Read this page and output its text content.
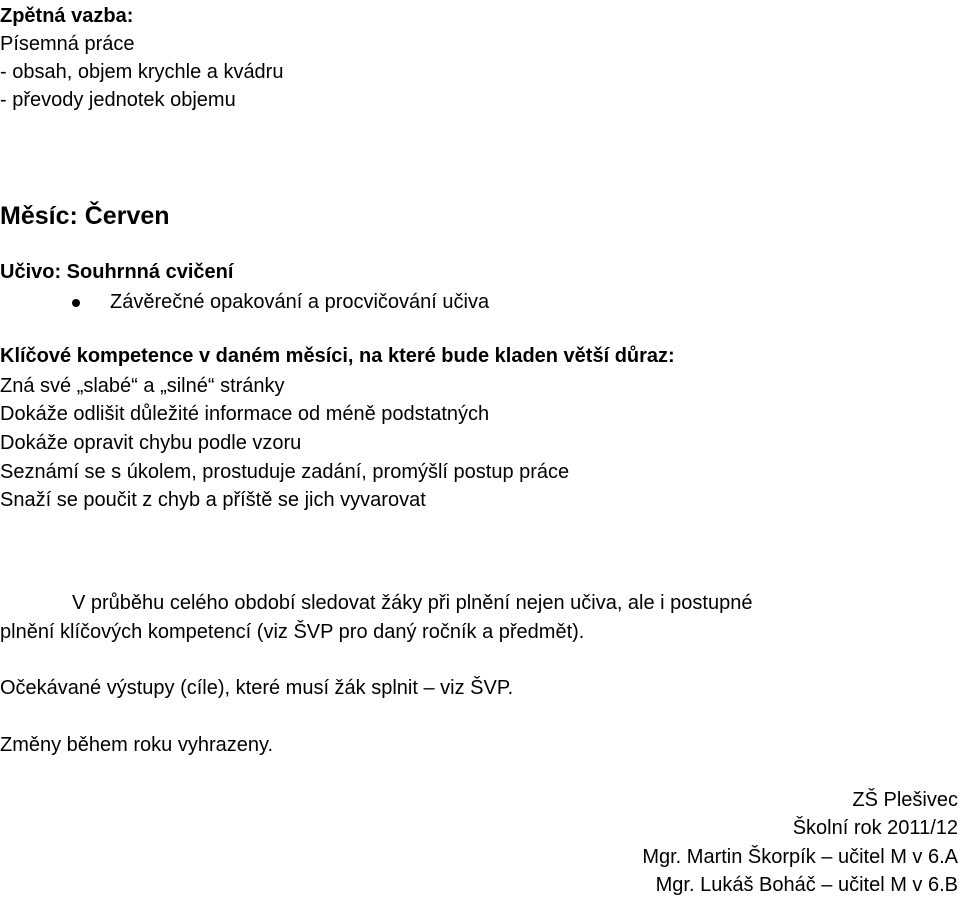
Zpětná vazba:
Písemná práce
- obsah, objem krychle a kvádru
- převody jednotek objemu
Měsíc: Červen
Učivo: Souhrnná cvičení
Závěrečné opakování a procvičování učiva
Klíčové kompetence v daném měsíci, na které bude kladen větší důraz:
Zná své „slabé“ a „silné“ stránky
Dokáže odlišit důležité informace od méně podstatných
Dokáže opravit chybu podle vzoru
Seznámí se s úkolem, prostuduje zadání, promýšlí postup práce
Snaží se poučit z chyb a příště se jich vyvarovat
V průběhu celého období sledovat žáky při plnění nejen učiva, ale i postupné
plnění klíčových kompetencí (viz ŠVP pro daný ročník a předmět).
Očekávané výstupy (cíle), které musí žák splnit – viz ŠVP.
Změny během roku vyhrazeny.
ZŠ Plešivec
Školní rok 2011/12
Mgr. Martin Škorpík – učitel M v 6.A
Mgr. Lukáš Boháč – učitel M v 6.B
